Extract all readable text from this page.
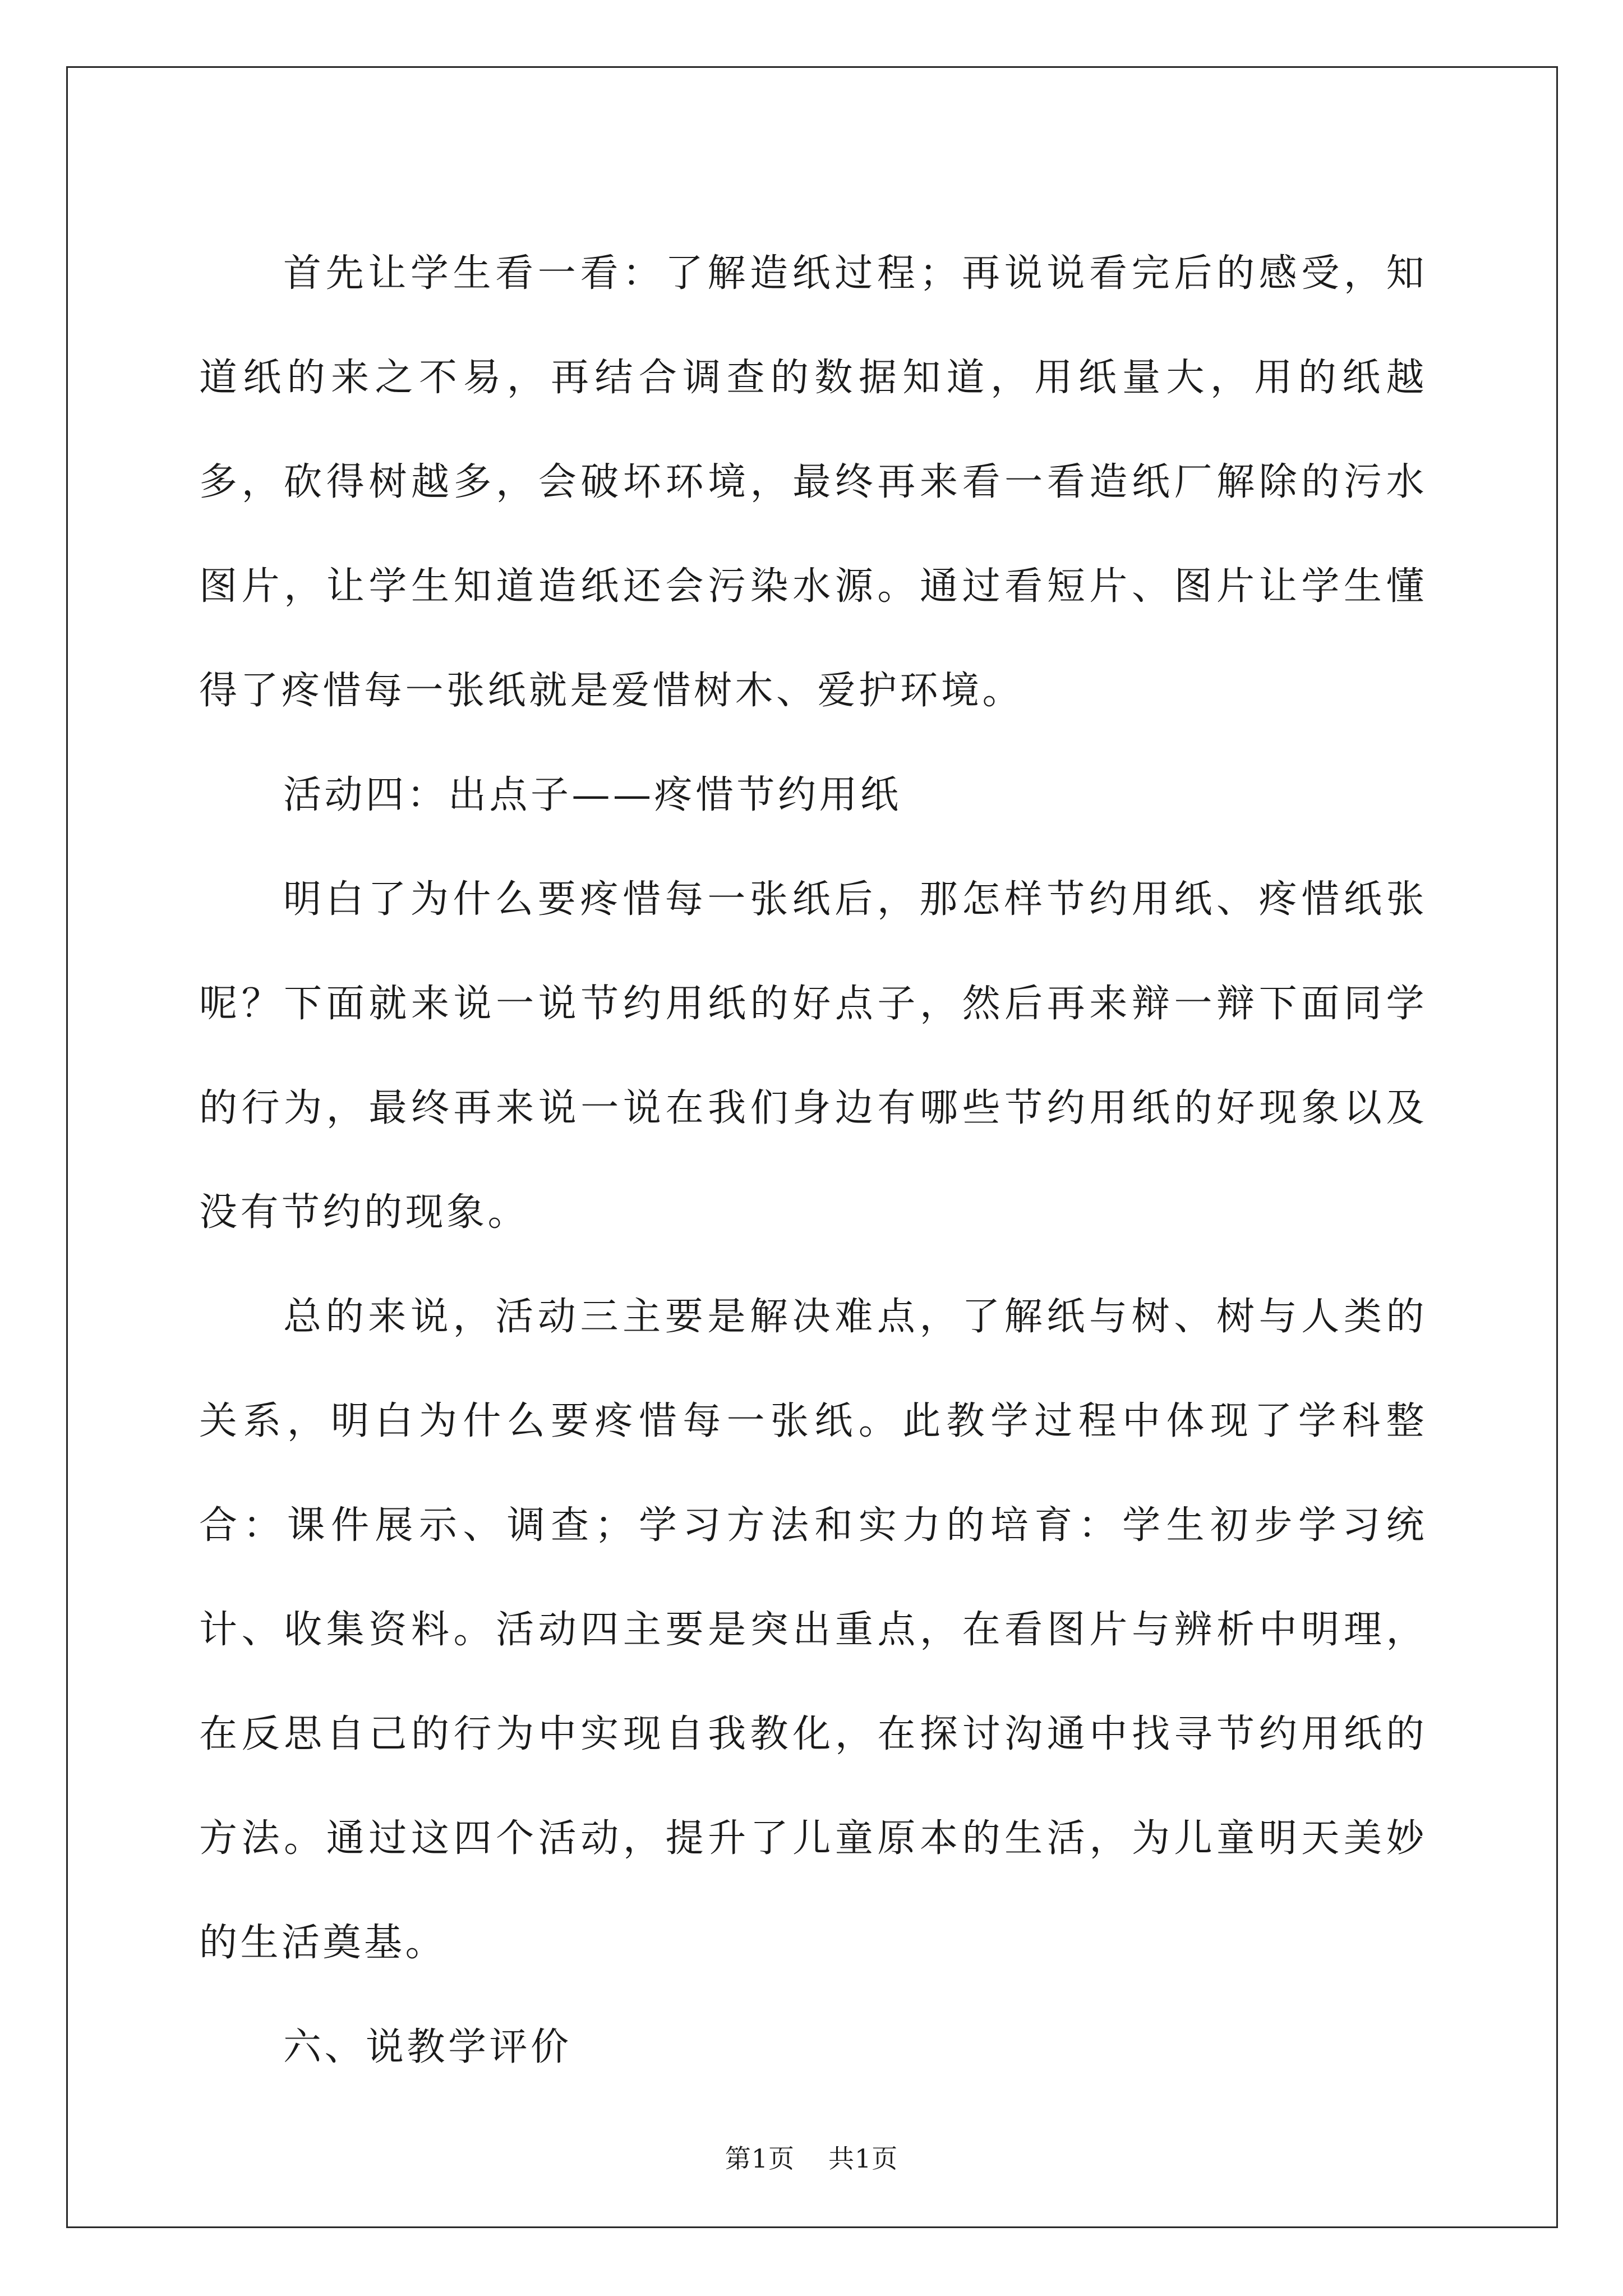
首先让学生看一看：了解造纸过程；再说说看完后的感受，知道纸的来之不易，再结合调查的数据知道，用纸量大，用的纸越多，砍得树越多，会破坏环境，最终再来看一看造纸厂解除的污水图片，让学生知道造纸还会污染水源。通过看短片、图片让学生懂得了疼惜每一张纸就是爱惜树木、爱护环境。

活动四：出点子——疼惜节约用纸

明白了为什么要疼惜每一张纸后，那怎样节约用纸、疼惜纸张呢？下面就来说一说节约用纸的好点子，然后再来辩一辩下面同学的行为，最终再来说一说在我们身边有哪些节约用纸的好现象以及没有节约的现象。

总的来说，活动三主要是解决难点，了解纸与树、树与人类的关系，明白为什么要疼惜每一张纸。此教学过程中体现了学科整合：课件展示、调查；学习方法和实力的培育：学生初步学习统计、收集资料。活动四主要是突出重点，在看图片与辨析中明理，在反思自己的行为中实现自我教化，在探讨沟通中找寻节约用纸的方法。通过这四个活动，提升了儿童原本的生活，为儿童明天美妙的生活奠基。

六、说教学评价

第1页 共1页
